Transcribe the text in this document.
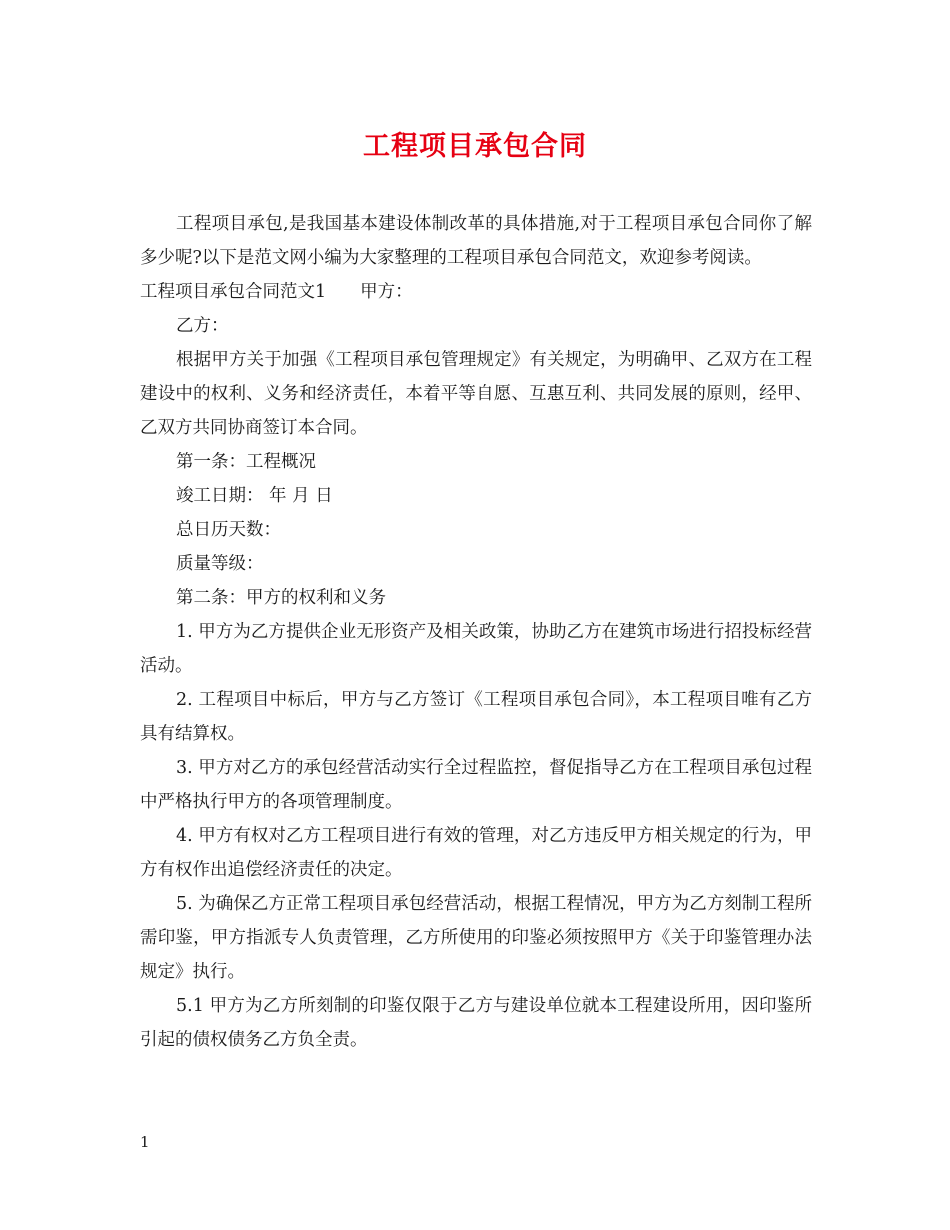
工程项目承包合同

工程项目承包,是我国基本建设体制改革的具体措施,对于工程项目承包合同你了解多少呢?以下是范文网小编为大家整理的工程项目承包合同范文，欢迎参考阅读。

工程项目承包合同范文1 甲方：

乙方：

根据甲方关于加强《工程项目承包管理规定》有关规定，为明确甲、乙双方在工程建设中的权利、义务和经济责任，本着平等自愿、互惠互利、共同发展的原则，经甲、乙双方共同协商签订本合同。

第一条：工程概况

竣工日期： 年 月 日

总日历天数：

质量等级：

第二条：甲方的权利和义务

1. 甲方为乙方提供企业无形资产及相关政策，协助乙方在建筑市场进行招投标经营活动。

2. 工程项目中标后，甲方与乙方签订《工程项目承包合同》，本工程项目唯有乙方具有结算权。

3. 甲方对乙方的承包经营活动实行全过程监控，督促指导乙方在工程项目承包过程中严格执行甲方的各项管理制度。

4. 甲方有权对乙方工程项目进行有效的管理，对乙方违反甲方相关规定的行为，甲方有权作出追偿经济责任的决定。

5. 为确保乙方正常工程项目承包经营活动，根据工程情况，甲方为乙方刻制工程所需印鉴，甲方指派专人负责管理，乙方所使用的印鉴必须按照甲方《关于印鉴管理办法规定》执行。

5.1 甲方为乙方所刻制的印鉴仅限于乙方与建设单位就本工程建设所用，因印鉴所引起的债权债务乙方负全责。

1
